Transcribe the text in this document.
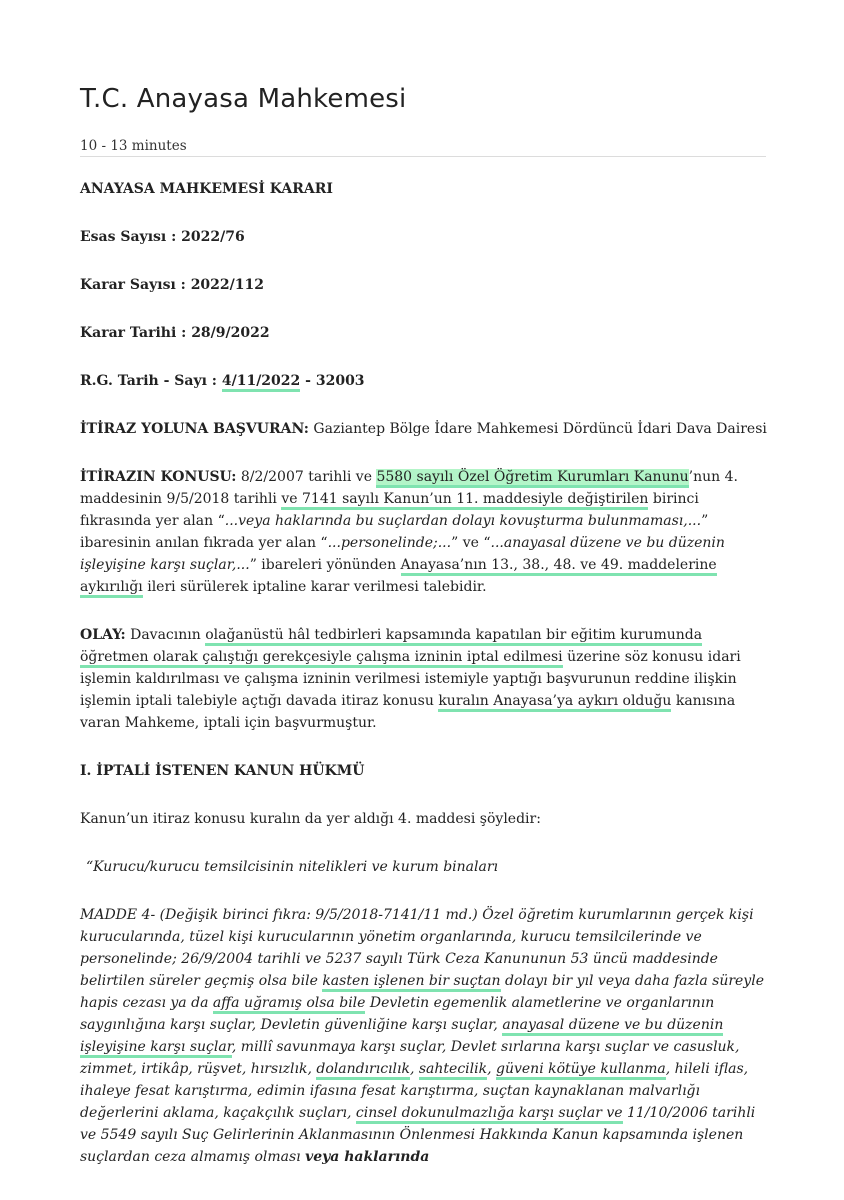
T.C. Anayasa Mahkemesi
10 - 13 minutes

ANAYASA MAHKEMESİ KARARI

Esas Sayısı : 2022/76

Karar Sayısı : 2022/112

Karar Tarihi : 28/9/2022

R.G. Tarih - Sayı : 4/11/2022 - 32003

İTİRAZ YOLUNA BAŞVURAN: Gaziantep Bölge İdare Mahkemesi Dördüncü İdari Dava Dairesi

İTİRAZIN KONUSU: 8/2/2007 tarihli ve 5580 sayılı Özel Öğretim Kurumları Kanunu’nun 4. maddesinin 9/5/2018 tarihli ve 7141 sayılı Kanun’un 11. maddesiyle değiştirilen birinci fıkrasında yer alan “...veya haklarında bu suçlardan dolayı kovuşturma bulunmaması,...” ibaresinin anılan fıkrada yer alan “...personelinde;...” ve “...anayasal düzene ve bu düzenin işleyişine karşı suçlar,...” ibareleri yönünden Anayasa’nın 13., 38., 48. ve 49. maddelerine aykırılığı ileri sürülerek iptaline karar verilmesi talebidir.

OLAY: Davacının olağanüstü hâl tedbirleri kapsamında kapatılan bir eğitim kurumunda öğretmen olarak çalıştığı gerekçesiyle çalışma izninin iptal edilmesi üzerine söz konusu idari işlemin kaldırılması ve çalışma izninin verilmesi istemiyle yaptığı başvurunun reddine ilişkin işlemin iptali talebiyle açtığı davada itiraz konusu kuralın Anayasa’ya aykırı olduğu kanısına varan Mahkeme, iptali için başvurmuştur.

I. İPTALİ İSTENEN KANUN HÜKMÜ

Kanun’un itiraz konusu kuralın da yer aldığı 4. maddesi şöyledir:

“Kurucu/kurucu temsilcisinin nitelikleri ve kurum binaları

MADDE 4- (Değişik birinci fıkra: 9/5/2018-7141/11 md.) Özel öğretim kurumlarının gerçek kişi kurucularında, tüzel kişi kurucularının yönetim organlarında, kurucu temsilcilerinde ve personelinde; 26/9/2004 tarihli ve 5237 sayılı Türk Ceza Kanununun 53 üncü maddesinde belirtilen süreler geçmiş olsa bile kasten işlenen bir suçtan dolayı bir yıl veya daha fazla süreyle hapis cezası ya da affa uğramış olsa bile Devletin egemenlik alametlerine ve organlarının saygınlığına karşı suçlar, Devletin güvenliğine karşı suçlar, anayasal düzene ve bu düzenin işleyişine karşı suçlar, millî savunmaya karşı suçlar, Devlet sırlarına karşı suçlar ve casusluk, zimmet, irtikâp, rüşvet, hırsızlık, dolandırıcılık, sahtecilik, güveni kötüye kullanma, hileli iflas, ihaleye fesat karıştırma, edimin ifasına fesat karıştırma, suçtan kaynaklanan malvarlığı değerlerini aklama, kaçakçılık suçları, cinsel dokunulmazlığa karşı suçlar ve 11/10/2006 tarihli ve 5549 sayılı Suç Gelirlerinin Aklanmasının Önlenmesi Hakkında Kanun kapsamında işlenen suçlardan ceza almamış olması veya haklarında
